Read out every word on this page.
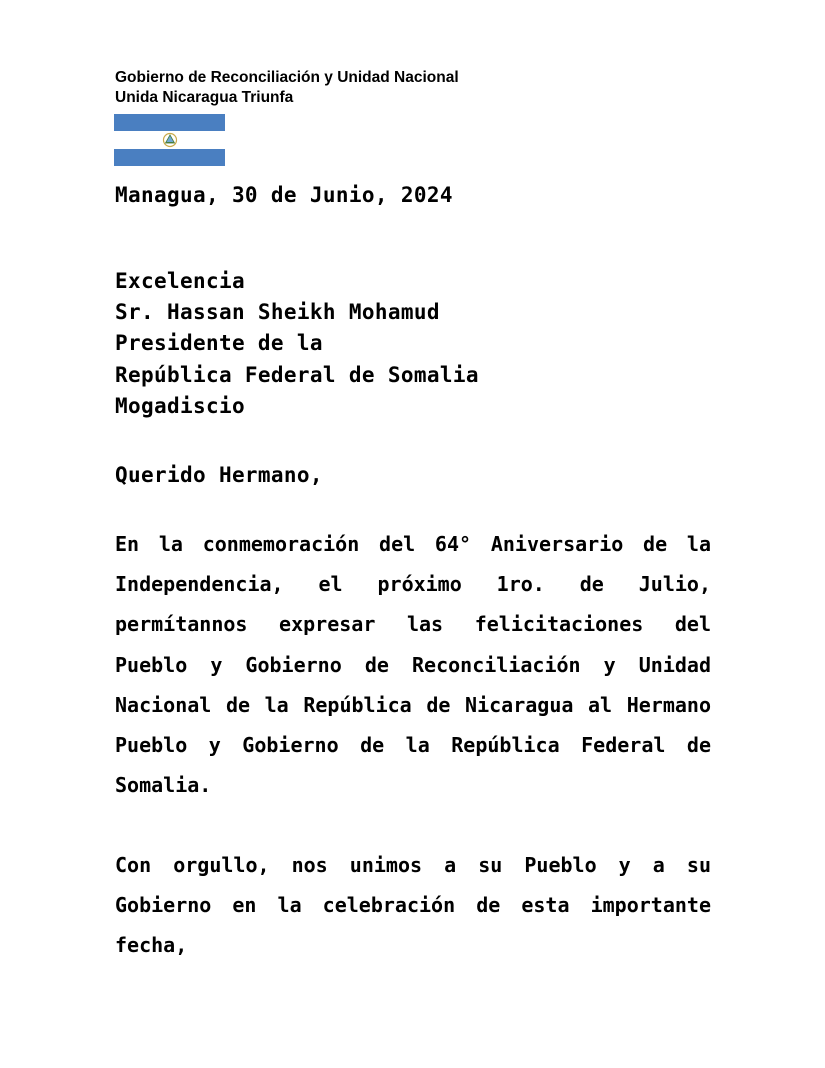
Gobierno de Reconciliación y Unidad Nacional
Unida Nicaragua Triunfa
Managua, 30 de Junio, 2024
Excelencia
Sr. Hassan Sheikh Mohamud
Presidente de la
República Federal de Somalia
Mogadiscio
Querido Hermano,

En la conmemoración del 64° Aniversario de la Independencia, el próximo 1ro. de Julio, permítannos expresar las felicitaciones del Pueblo y Gobierno de Reconciliación y Unidad Nacional de la República de Nicaragua al Hermano Pueblo y Gobierno de la República Federal de Somalia.

Con orgullo, nos unimos a su Pueblo y a su Gobierno en la celebración de esta importante fecha,
